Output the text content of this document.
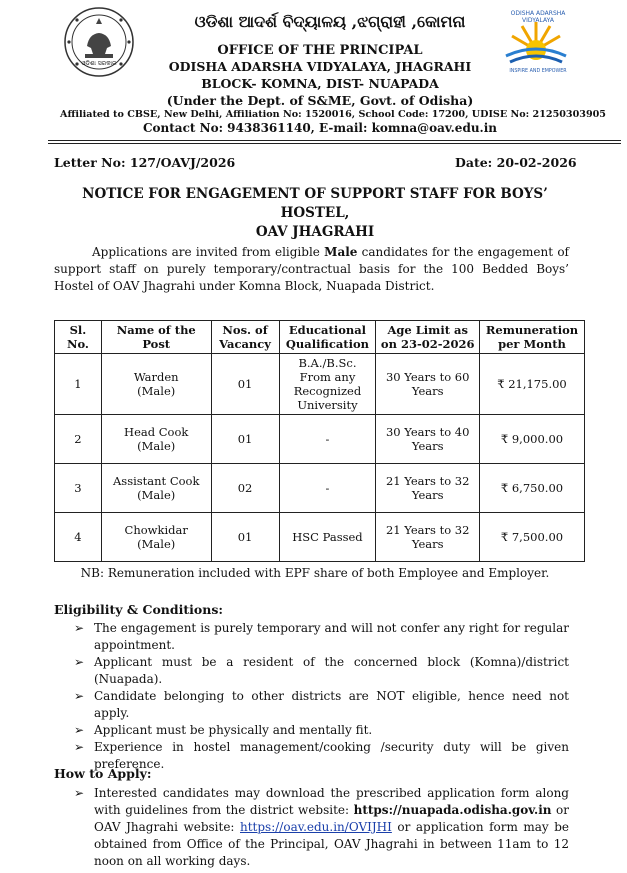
ଓଡ଼ିଶା ସରକାର
ODISHA ADARSHA VIDYALAYA
INSPIRE AND EMPOWER
ଓଡିଶା ଆଦର୍ଶ ବିଦ୍ୟାଳୟ ,ଝଗ୍ରାହୀ ,କୋମନା
OFFICE OF THE PRINCIPAL
ODISHA ADARSHA VIDYALAYA, JHAGRAHI
BLOCK- KOMNA, DIST- NUAPADA
(Under the Dept. of S&ME, Govt. of Odisha)
Affiliated to CBSE, New Delhi, Affiliation No: 1520016, School Code: 17200, UDISE No: 21250303905
Contact No: 9438361140, E-mail: komna@oav.edu.in
Letter No: 127/OAVJ/2026	Date: 20-02-2026
NOTICE FOR ENGAGEMENT OF SUPPORT STAFF FOR BOYS’ HOSTEL,
OAV JHAGRAHI
Applications are invited from eligible Male candidates for the engagement of support staff on purely temporary/contractual basis for the 100 Bedded Boys’ Hostel of OAV Jhagrahi under Komna Block, Nuapada District.
Sl. No.	Name of the Post	Nos. of Vacancy	Educational Qualification	Age Limit as on 23-02-2026	Remuneration per Month
1	Warden
(Male)	01	B.A./B.Sc. From any Recognized University	30 Years to 60 Years	₹ 21,175.00
2	Head Cook
(Male)	01	-	30 Years to 40 Years	₹ 9,000.00
3	Assistant Cook
(Male)	02	-	21 Years to 32 Years	₹ 6,750.00
4	Chowkidar
(Male)	01	HSC Passed	21 Years to 32 Years	₹ 7,500.00
NB: Remuneration included with EPF share of both Employee and Employer.
Eligibility & Conditions:
➢ The engagement is purely temporary and will not confer any right for regular appointment.
➢ Applicant must be a resident of the concerned block (Komna)/district (Nuapada).
➢ Candidate belonging to other districts are NOT eligible, hence need not apply.
➢ Applicant must be physically and mentally fit.
➢ Experience in hostel management/cooking /security duty will be given preference.
How to Apply:
➢ Interested candidates may download the prescribed application form along with guidelines from the district website: https://nuapada.odisha.gov.in or OAV Jhagrahi website: https://oav.edu.in/OVIJHI or application form may be obtained from Office of the Principal, OAV Jhagrahi in between 11am to 12 noon on all working days.
